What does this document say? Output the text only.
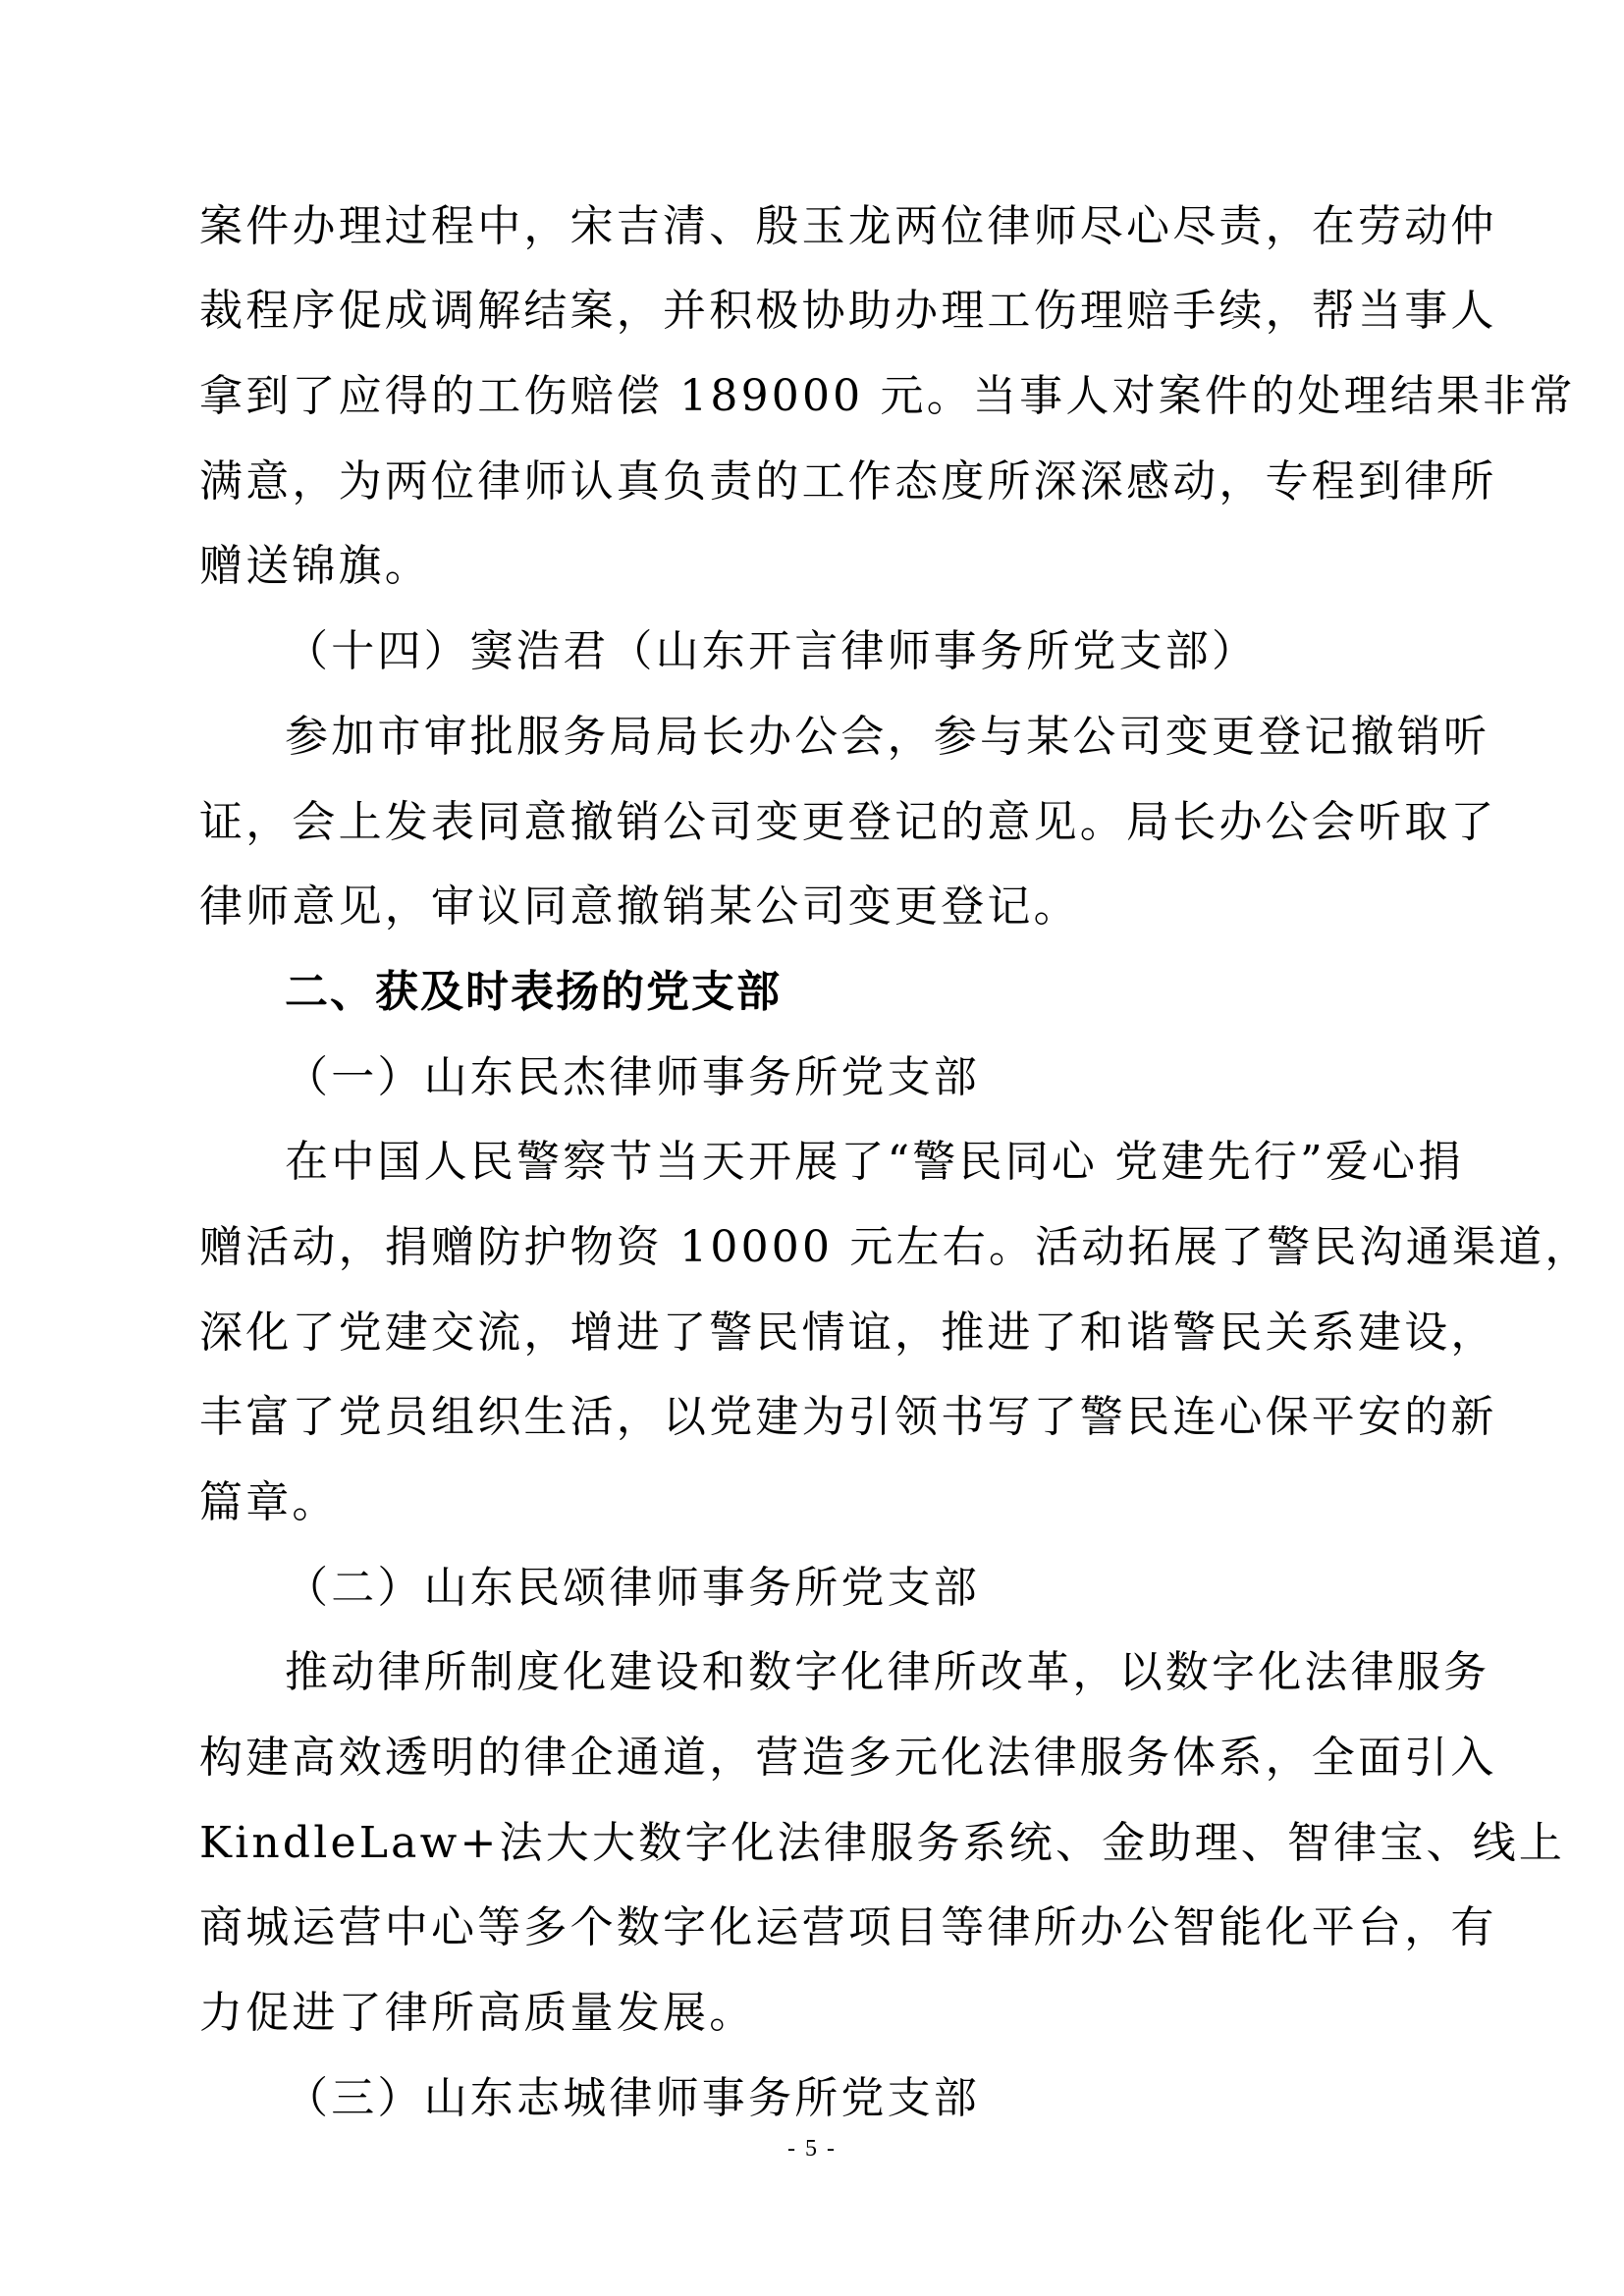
案件办理过程中，宋吉清、殷玉龙两位律师尽心尽责，在劳动仲
裁程序促成调解结案，并积极协助办理工伤理赔手续，帮当事人
拿到了应得的工伤赔偿 189000 元。当事人对案件的处理结果非常
满意，为两位律师认真负责的工作态度所深深感动，专程到律所
赠送锦旗。
（十四）窦浩君（山东开言律师事务所党支部）
参加市审批服务局局长办公会，参与某公司变更登记撤销听
证，会上发表同意撤销公司变更登记的意见。局长办公会听取了
律师意见，审议同意撤销某公司变更登记。
二、获及时表扬的党支部
（一）山东民杰律师事务所党支部
在中国人民警察节当天开展了“警民同心 党建先行”爱心捐
赠活动，捐赠防护物资 10000 元左右。活动拓展了警民沟通渠道，
深化了党建交流，增进了警民情谊，推进了和谐警民关系建设，
丰富了党员组织生活，以党建为引领书写了警民连心保平安的新
篇章。
（二）山东民颂律师事务所党支部
推动律所制度化建设和数字化律所改革，以数字化法律服务
构建高效透明的律企通道，营造多元化法律服务体系，全面引入
KindleLaw+法大大数字化法律服务系统、金助理、智律宝、线上
商城运营中心等多个数字化运营项目等律所办公智能化平台，有
力促进了律所高质量发展。
（三）山东志城律师事务所党支部
- 5 -
